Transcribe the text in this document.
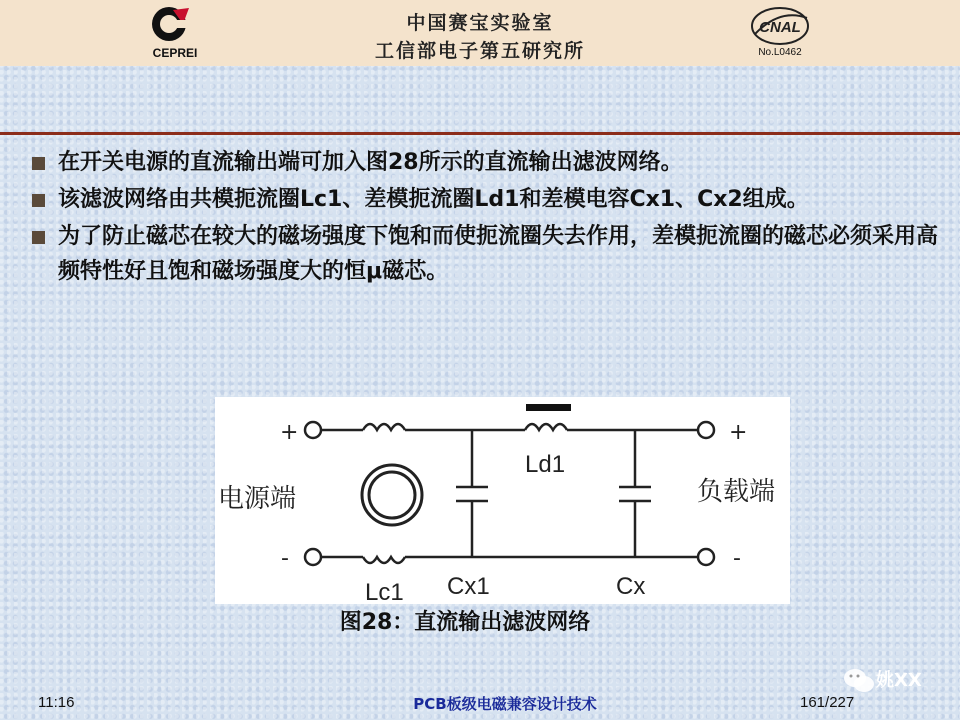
CEPREI
中国赛宝实验室
工信部电子第五研究所
CNAL
No.L0462
在开关电源的直流输出端可加入图28所示的直流输出滤波网络。
该滤波网络由共模扼流圈Lc1、差模扼流圈Ld1和差模电容Cx1、Cx2组成。
为了防止磁芯在较大的磁场强度下饱和而使扼流圈失去作用，差模扼流圈的磁芯必须采用高频特性好且饱和磁场强度大的恒μ磁芯。
+
-
+
-
电源端	负载端
Ld1
Lc1 Cx1	Cx
图28：直流输出滤波网络
11:16	PCB板级电磁兼容设计技术	161/227
姚XX
